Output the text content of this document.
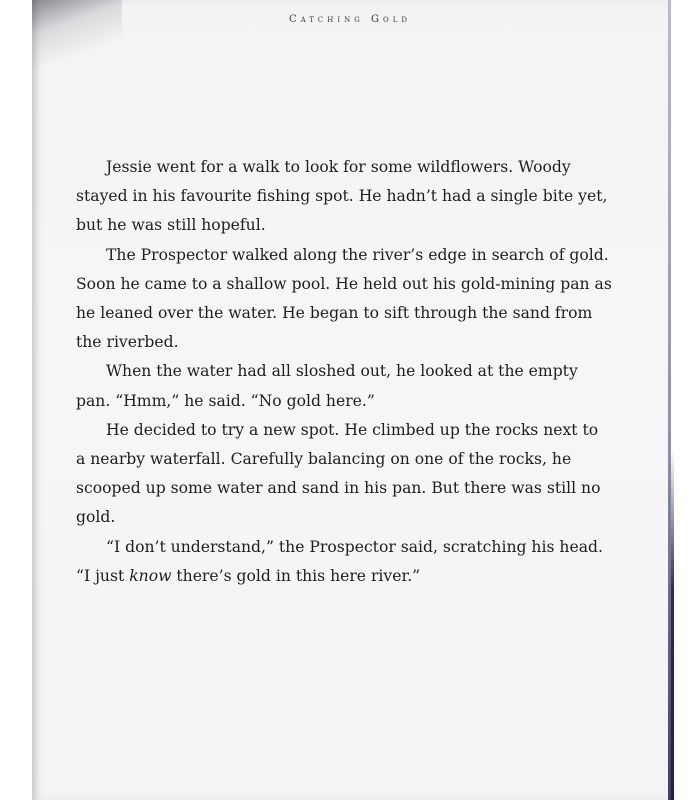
Catching Gold

Jessie went for a walk to look for some wildflowers. Woody stayed in his favourite fishing spot. He hadn’t had a single bite yet, but he was still hopeful.

The Prospector walked along the river’s edge in search of gold. Soon he came to a shallow pool. He held out his gold-mining pan as he leaned over the water. He began to sift through the sand from the riverbed.

When the water had all sloshed out, he looked at the empty pan. “Hmm,” he said. “No gold here.”

He decided to try a new spot. He climbed up the rocks next to a nearby waterfall. Carefully balancing on one of the rocks, he scooped up some water and sand in his pan. But there was still no gold.

“I don’t understand,” the Prospector said, scratching his head. “I just know there’s gold in this here river.”
